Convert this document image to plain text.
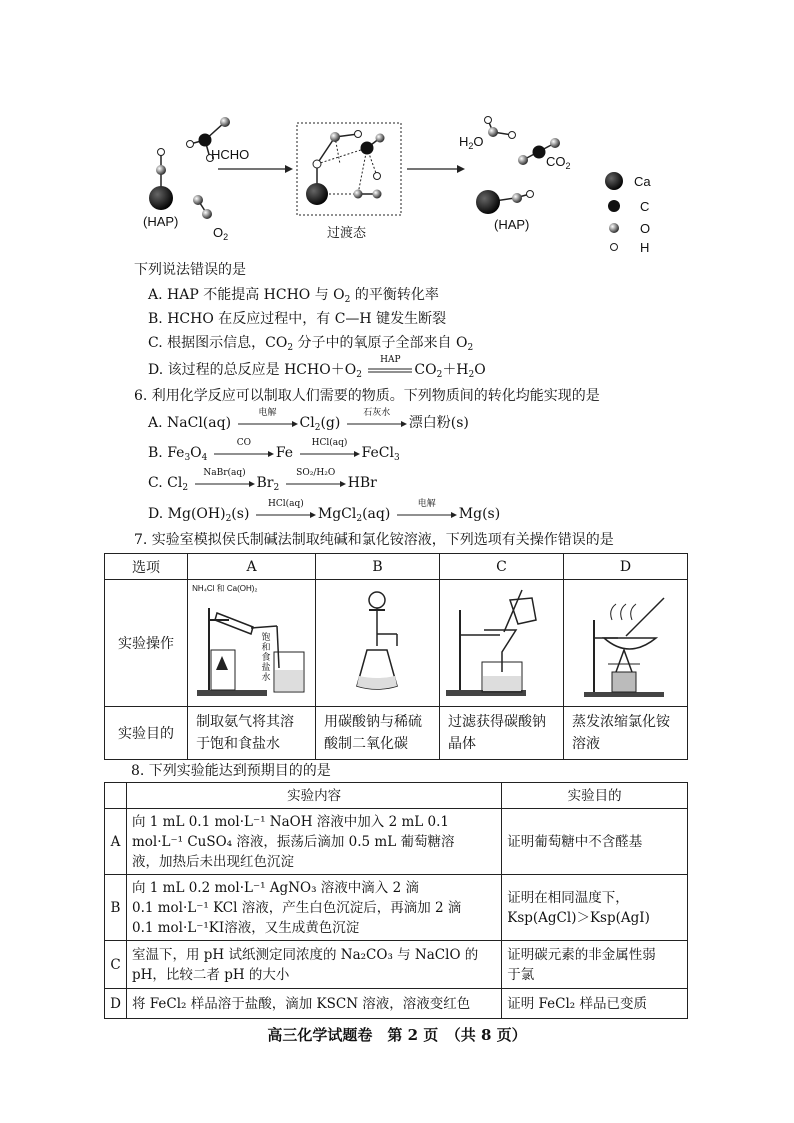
HCHO
(HAP)
$O_2$	过渡态
$H_2O$
$CO_2$
(HAP)
Ca
C
O
H
下列说法错误的是
A. HAP 不能提高 HCHO 与 $O_2$ 的平衡转化率
B. HCHO 在反应过程中，有 C—H 键发生断裂
C. 根据图示信息，$CO_2$ 分子中的氧原子全部来自 $O_2$
D. 该过程的总反应是 $HCHO+O_2$
HAP
$CO_2+H_2O$
6. 利用化学反应可以制取人们需要的物质。下列物质间的转化均能实现的是
A. NaCl(aq)
电解
$Cl_2(g)$
石灰水
漂白粉(s)
B. $Fe_3O_4$
CO
Fe
HCl(aq)
FeCl$_3$
C. $Cl_2$
NaBr(aq)
$Br_2$
SO₂/H₂O
HBr
D. $Mg(OH)_2(s)$
HCl(aq)
MgCl$_2$(aq)
电解
Mg(s)
7. 实验室模拟侯氏制碱法制取纯碱和氯化铵溶液，下列选项有关操作错误的是
选项	A	B	C	D
实验操作	NH₄Cl 和 Ca(OH)₂
饱和
食盐
水

实验目的	制取氨气将其溶于饱和食盐水	用碳酸钠与稀硫酸制二氧化碳	过滤获得碳酸钠晶体	蒸发浓缩氯化铵溶液
8. 下列实验能达到预期目的的是
	实验内容	实验目的
A	向 1 mL 0.1 mol·L⁻¹ NaOH 溶液中加入 2 mL 0.1
mol·L⁻¹ CuSO₄ 溶液，振荡后滴加 0.5 mL 葡萄糖溶
液，加热后未出现红色沉淀	证明葡萄糖中不含醛基
B	向 1 mL 0.2 mol·L⁻¹ AgNO₃ 溶液中滴入 2 滴
0.1 mol·L⁻¹ KCl 溶液，产生白色沉淀后，再滴加 2 滴
0.1 mol·L⁻¹KI溶液，又生成黄色沉淀	证明在相同温度下，
Ksp(AgCl)＞Ksp(AgI)
C	室温下，用 pH 试纸测定同浓度的 Na₂CO₃ 与 NaClO 的
pH，比较二者 pH 的大小	证明碳元素的非金属性弱
于氯
D	将 FeCl₂ 样品溶于盐酸，滴加 KSCN 溶液，溶液变红色	证明 FeCl₂ 样品已变质
高三化学试题卷　第 2 页　（共 8 页）
